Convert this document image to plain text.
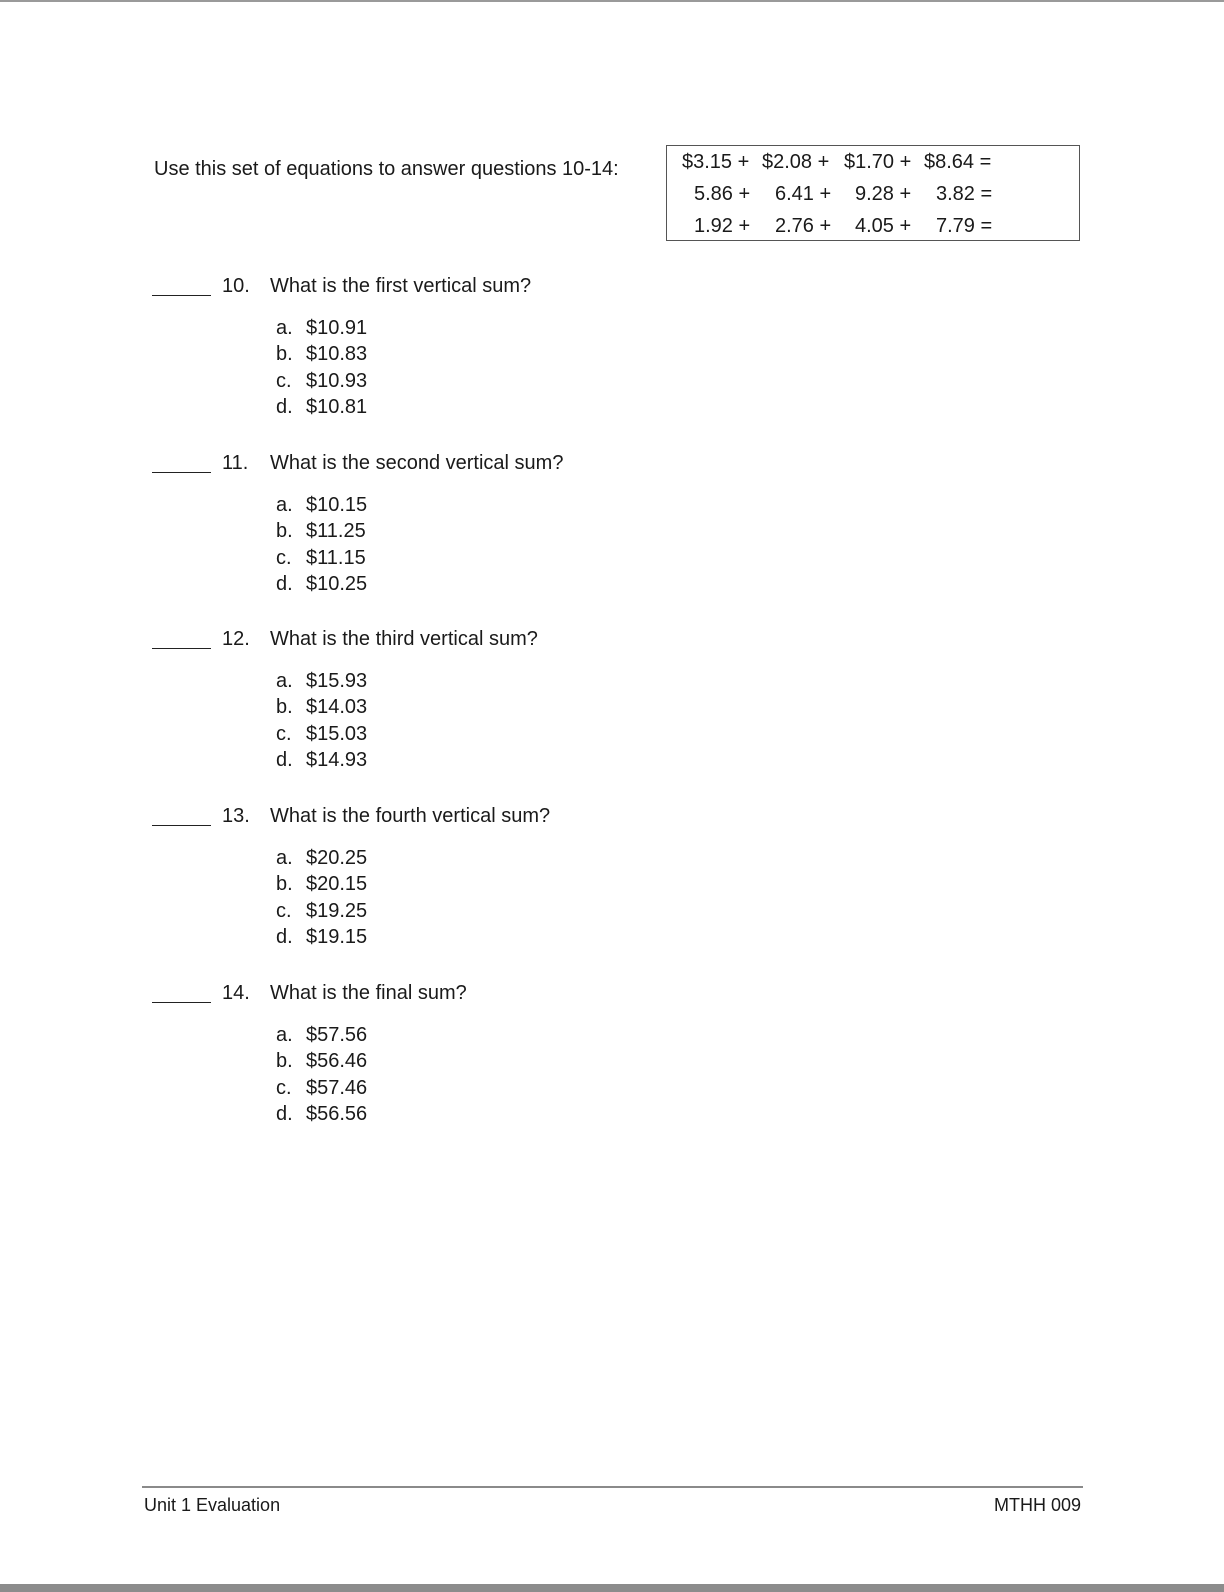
Use this set of equations to answer questions 10-14:	$3.15 + $2.08 + $1.70 + $8.64 =
5.86 + 6.41 + 9.28 + 3.82 =
1.92 + 2.76 + 4.05 + 7.79 =
10. What is the first vertical sum?
a. $10.91
b. $10.83
c. $10.93
d. $10.81
11. What is the second vertical sum?
a. $10.15
b. $11.25
c. $11.15
d. $10.25
12. What is the third vertical sum?
a. $15.93
b. $14.03
c. $15.03
d. $14.93
13. What is the fourth vertical sum?
a. $20.25
b. $20.15
c. $19.25
d. $19.15
14. What is the final sum?
a. $57.56
b. $56.46
c. $57.46
d. $56.56
Unit 1 Evaluation	MTHH 009
